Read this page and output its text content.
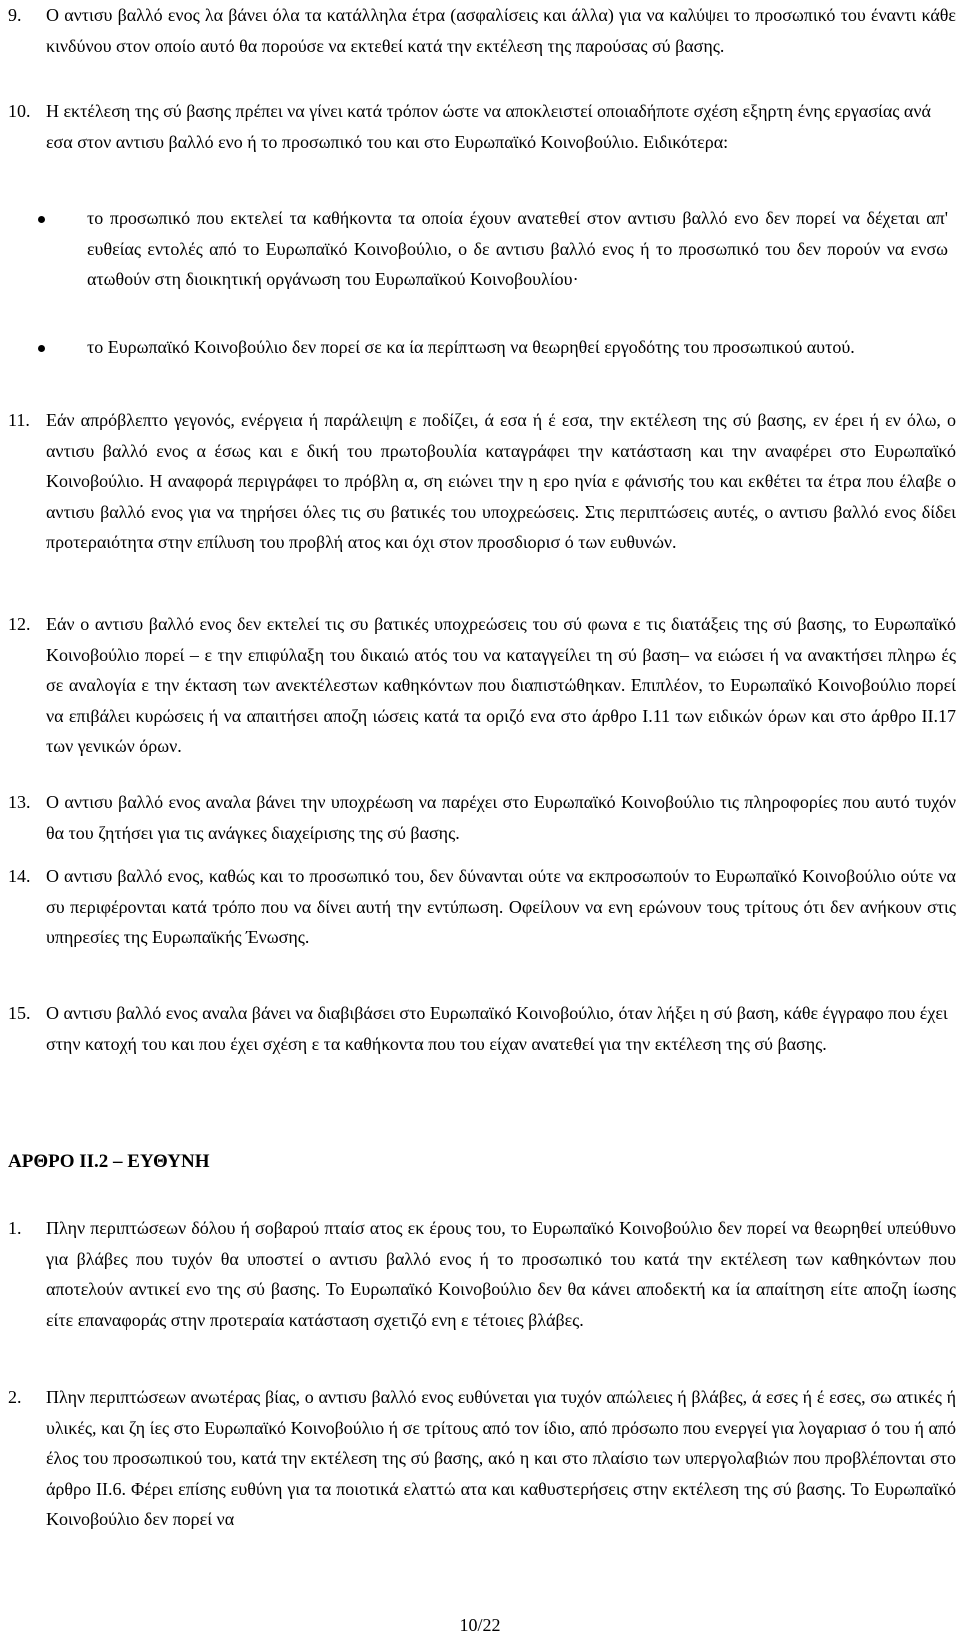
9. Ο αντισυ βαλλό ενος λα βάνει όλα τα κατάλληλα έτρα (ασφαλίσεις και άλλα) για να καλύψει το προσωπικό του έναντι κάθε κινδύνου στον οποίο αυτό θα πορούσε να εκτεθεί κατά την εκτέλεση της παρούσας σύ βασης.
10. Η εκτέλεση της σύ βασης πρέπει να γίνει κατά τρόπον ώστε να αποκλειστεί οποιαδήποτε σχέση εξηρτη ένης εργασίας ανά εσα στον αντισυ βαλλό ενο ή το προσωπικό του και στο Ευρωπαϊκό Κοινοβούλιο. Ειδικότερα:
το προσωπικό που εκτελεί τα καθήκοντα τα οποία έχουν ανατεθεί στον αντισυ βαλλό ενο δεν πορεί να δέχεται απ' ευθείας εντολές από το Ευρωπαϊκό Κοινοβούλιο, ο δε αντισυ βαλλό ενος ή το προσωπικό του δεν πορούν να ενσω ατωθούν στη διοικητική οργάνωση του Ευρωπαϊκού Κοινοβουλίου·
το Ευρωπαϊκό Κοινοβούλιο δεν πορεί σε κα ία περίπτωση να θεωρηθεί εργοδότης του προσωπικού αυτού.
11. Εάν απρόβλεπτο γεγονός, ενέργεια ή παράλειψη ε ποδίζει, ά εσα ή έ εσα, την εκτέλεση της σύ βασης, εν έρει ή εν όλω, ο αντισυ βαλλό ενος α έσως και ε δική του πρωτοβουλία καταγράφει την κατάσταση και την αναφέρει στο Ευρωπαϊκό Κοινοβούλιο. Η αναφορά περιγράφει το πρόβλη α, ση ειώνει την η ερο ηνία ε φάνισής του και εκθέτει τα έτρα που έλαβε ο αντισυ βαλλό ενος για να τηρήσει όλες τις συ βατικές του υποχρεώσεις. Στις περιπτώσεις αυτές, ο αντισυ βαλλό ενος δίδει προτεραιότητα στην επίλυση του προβλή ατος και όχι στον προσδιορισ ό των ευθυνών.
12. Εάν ο αντισυ βαλλό ενος δεν εκτελεί τις συ βατικές υποχρεώσεις του σύ φωνα ε τις διατάξεις της σύ βασης, το Ευρωπαϊκό Κοινοβούλιο πορεί – ε την επιφύλαξη του δικαιώ ατός του να καταγγείλει τη σύ βαση– να ειώσει ή να ανακτήσει πληρω ές σε αναλογία ε την έκταση των ανεκτέλεστων καθηκόντων που διαπιστώθηκαν. Επιπλέον, το Ευρωπαϊκό Κοινοβούλιο πορεί να επιβάλει κυρώσεις ή να απαιτήσει αποζη ιώσεις κατά τα οριζό ενα στο άρθρο Ι.11 των ειδικών όρων και στο άρθρο ΙΙ.17 των γενικών όρων.
13. Ο αντισυ βαλλό ενος αναλα βάνει την υποχρέωση να παρέχει στο Ευρωπαϊκό Κοινοβούλιο τις πληροφορίες που αυτό τυχόν θα του ζητήσει για τις ανάγκες διαχείρισης της σύ βασης.
14. Ο αντισυ βαλλό ενος, καθώς και το προσωπικό του, δεν δύνανται ούτε να εκπροσωπούν το Ευρωπαϊκό Κοινοβούλιο ούτε να συ περιφέρονται κατά τρόπο που να δίνει αυτή την εντύπωση. Οφείλουν να ενη ερώνουν τους τρίτους ότι δεν ανήκουν στις υπηρεσίες της Ευρωπαϊκής Ένωσης.
15. Ο αντισυ βαλλό ενος αναλα βάνει να διαβιβάσει στο Ευρωπαϊκό Κοινοβούλιο, όταν λήξει η σύ βαση, κάθε έγγραφο που έχει στην κατοχή του και που έχει σχέση ε τα καθήκοντα που του είχαν ανατεθεί για την εκτέλεση της σύ βασης.
ΑΡΘΡΟ ΙΙ.2 – ΕΥΘΥΝΗ
1. Πλην περιπτώσεων δόλου ή σοβαρού πταίσ ατος εκ έρους του, το Ευρωπαϊκό Κοινοβούλιο δεν πορεί να θεωρηθεί υπεύθυνο για βλάβες που τυχόν θα υποστεί ο αντισυ βαλλό ενος ή το προσωπικό του κατά την εκτέλεση των καθηκόντων που αποτελούν αντικεί ενο της σύ βασης. Το Ευρωπαϊκό Κοινοβούλιο δεν θα κάνει αποδεκτή κα ία απαίτηση είτε αποζη ίωσης είτε επαναφοράς στην προτεραία κατάσταση σχετιζό ενη ε τέτοιες βλάβες.
2. Πλην περιπτώσεων ανωτέρας βίας, ο αντισυ βαλλό ενος ευθύνεται για τυχόν απώλειες ή βλάβες, ά εσες ή έ εσες, σω ατικές ή υλικές, και ζη ίες στο Ευρωπαϊκό Κοινοβούλιο ή σε τρίτους από τον ίδιο, από πρόσωπο που ενεργεί για λογαριασ ό του ή από έλος του προσωπικού του, κατά την εκτέλεση της σύ βασης, ακό η και στο πλαίσιο των υπεργολαβιών που προβλέπονται στο άρθρο ΙΙ.6. Φέρει επίσης ευθύνη για τα ποιοτικά ελαττώ ατα και καθυστερήσεις στην εκτέλεση της σύ βασης. Το Ευρωπαϊκό Κοινοβούλιο δεν πορεί να
10/22
